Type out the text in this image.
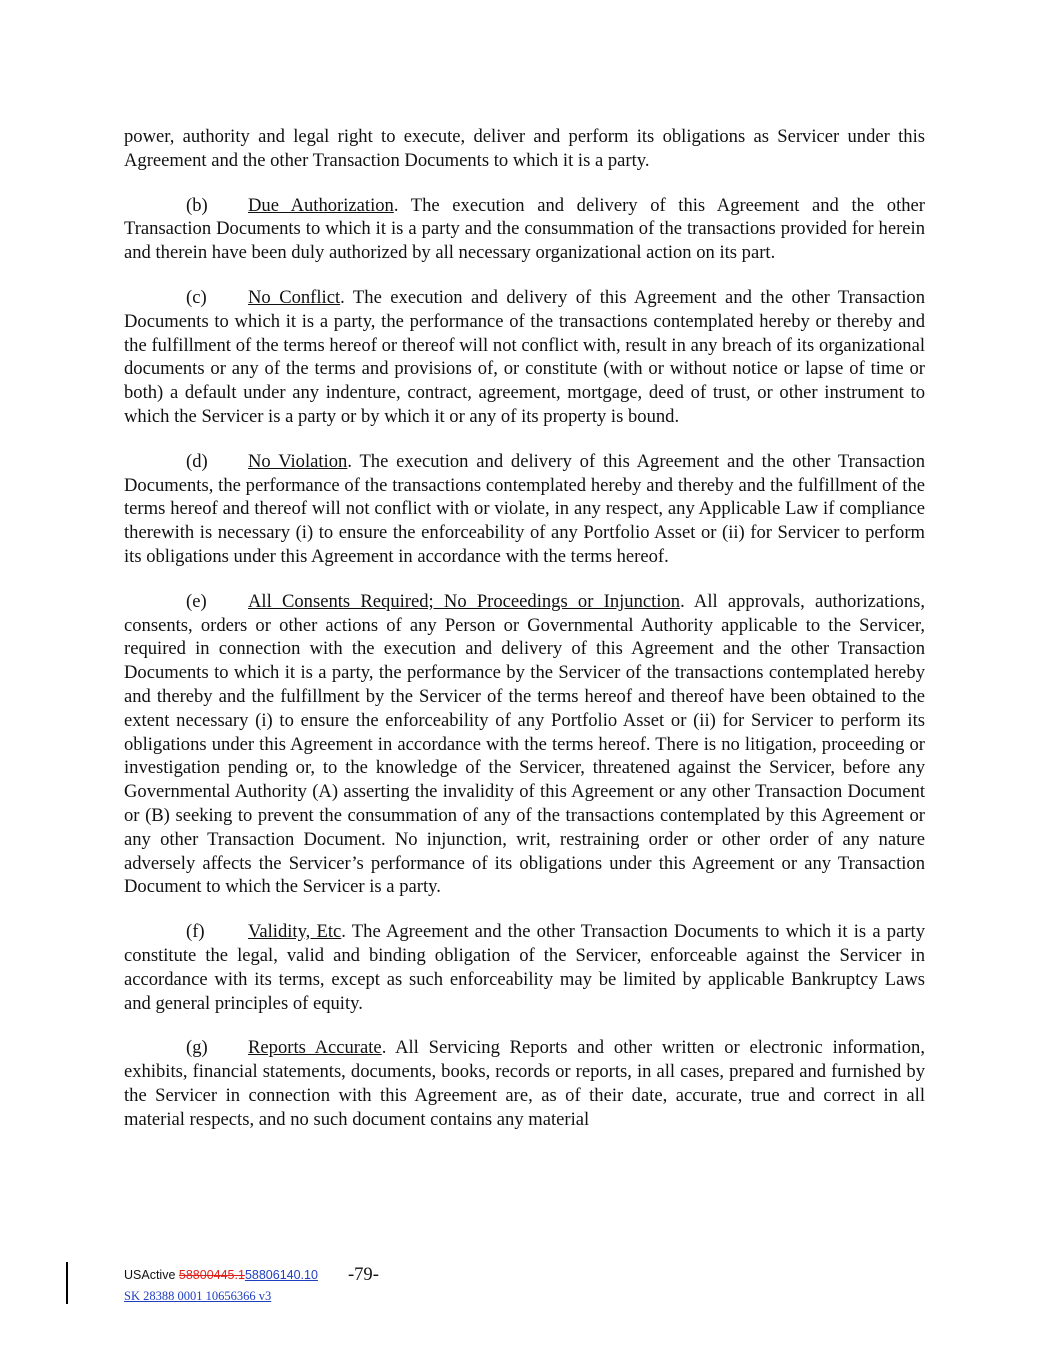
power, authority and legal right to execute, deliver and perform its obligations as Servicer under this Agreement and the other Transaction Documents to which it is a party.

(b) Due Authorization. The execution and delivery of this Agreement and the other Transaction Documents to which it is a party and the consummation of the transactions provided for herein and therein have been duly authorized by all necessary organizational action on its part.

(c) No Conflict. The execution and delivery of this Agreement and the other Transaction Documents to which it is a party, the performance of the transactions contemplated hereby or thereby and the fulfillment of the terms hereof or thereof will not conflict with, result in any breach of its organizational documents or any of the terms and provisions of, or constitute (with or without notice or lapse of time or both) a default under any indenture, contract, agreement, mortgage, deed of trust, or other instrument to which the Servicer is a party or by which it or any of its property is bound.

(d) No Violation. The execution and delivery of this Agreement and the other Transaction Documents, the performance of the transactions contemplated hereby and thereby and the fulfillment of the terms hereof and thereof will not conflict with or violate, in any respect, any Applicable Law if compliance therewith is necessary (i) to ensure the enforceability of any Portfolio Asset or (ii) for Servicer to perform its obligations under this Agreement in accordance with the terms hereof.

(e) All Consents Required; No Proceedings or Injunction. All approvals, authorizations, consents, orders or other actions of any Person or Governmental Authority applicable to the Servicer, required in connection with the execution and delivery of this Agreement and the other Transaction Documents to which it is a party, the performance by the Servicer of the transactions contemplated hereby and thereby and the fulfillment by the Servicer of the terms hereof and thereof have been obtained to the extent necessary (i) to ensure the enforceability of any Portfolio Asset or (ii) for Servicer to perform its obligations under this Agreement in accordance with the terms hereof. There is no litigation, proceeding or investigation pending or, to the knowledge of the Servicer, threatened against the Servicer, before any Governmental Authority (A) asserting the invalidity of this Agreement or any other Transaction Document or (B) seeking to prevent the consummation of any of the transactions contemplated by this Agreement or any other Transaction Document. No injunction, writ, restraining order or other order of any nature adversely affects the Servicer’s performance of its obligations under this Agreement or any Transaction Document to which the Servicer is a party.

(f) Validity, Etc. The Agreement and the other Transaction Documents to which it is a party constitute the legal, valid and binding obligation of the Servicer, enforceable against the Servicer in accordance with its terms, except as such enforceability may be limited by applicable Bankruptcy Laws and general principles of equity.

(g) Reports Accurate. All Servicing Reports and other written or electronic information, exhibits, financial statements, documents, books, records or reports, in all cases, prepared and furnished by the Servicer in connection with this Agreement are, as of their date, accurate, true and correct in all material respects, and no such document contains any material

USActive 58800445.158806140.10 -79-
SK 28388 0001 10656366 v3
